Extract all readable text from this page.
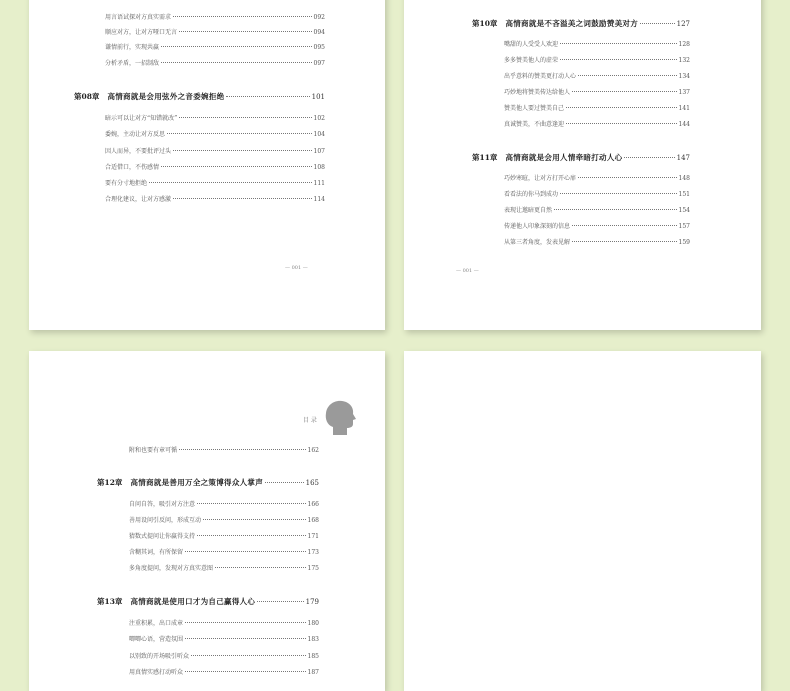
用言语试探对方真实需求	092
顺应对方，让对方哑口无言	094
谦情前行，实现共赢	095
分析矛盾，一招制敌	097
第08章 高情商就是会用弦外之音委婉拒绝	101
暗示可以让对方“知错就改”	102
委婉，主动让对方反思	104
因人而异，不要批评过头	107
合适借口，不伤感情	108
要有分寸地拒绝	111
合理化建议，让对方感激	114
— 001 —
第10章 高情商就是不吝溢美之词鼓励赞美对方	127
嘴甜的人受受人欢迎	128
多多赞美他人的虚荣	132
出乎意料的赞美更打动人心	134
巧妙地将赞美传达给他人	137
赞美他人要过赞美自己	141
真诚赞美，不曲意逢迎	144
第11章 高情商就是会用人情牵暗打动人心	147
巧妙寒暄，让对方打开心扉	148
看看法的你马到成功	151
表现让邀暗更自然	154
传递他人印象深刻的信息	157
从第三者角度，发表见解	159
— 001 —
目 录
附和也要有章可循	162
第12章 高情商就是善用万全之策博得众人掌声	165
自问自答，吸引对方注意	166
善用设问引反问，形成互动	168
猜数式提问让你赢得支持	171
含糊其词，有所保留	173
多角度提问，发现对方真实意图	175
第13章 高情商就是使用口才为自己赢得人心	179
注重积累，出口成章	180
唧唧心语，营造氛围	183
以别致的开场吸引听众	185
用真情实感打动听众	187
